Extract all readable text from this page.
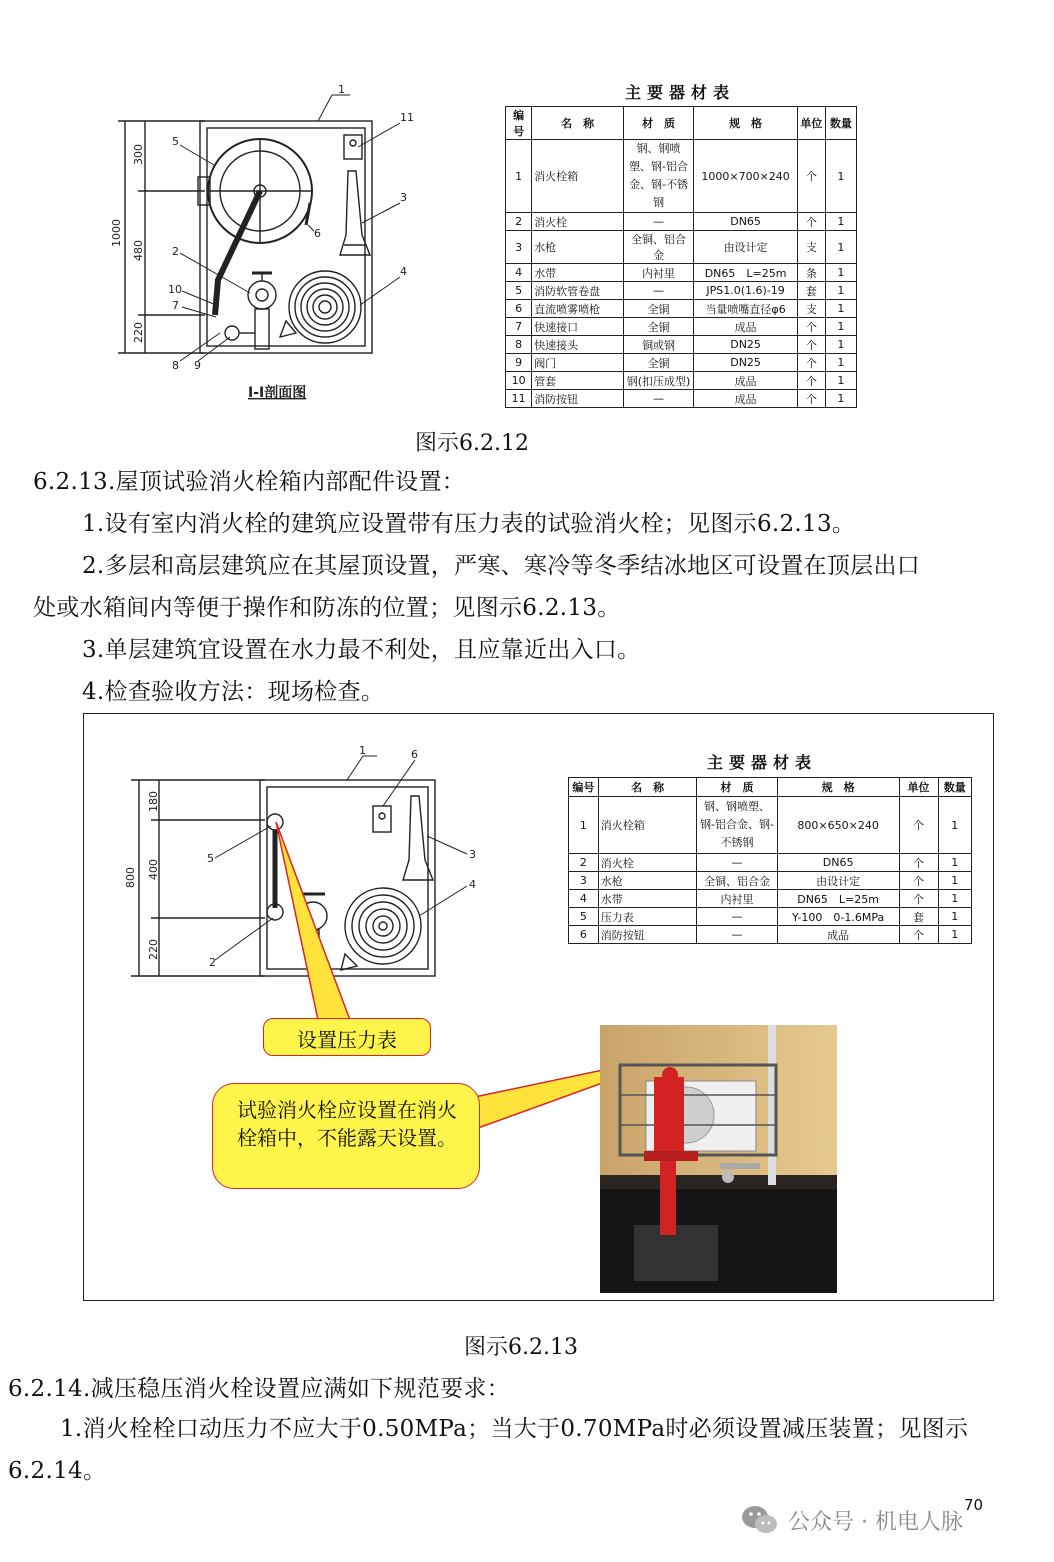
1000
300
480
220
1
2
3
4
5
6
7
8 9
10
11
I-I剖面图
主要器材表
编号	名　称	材　质	规　格	单位	数量
1	消火栓箱	钢、钢喷塑、钢-铝合金、钢-不锈钢	1000×700×240	个	1
2	消火栓	—	DN65	个	1
3	水枪	全铜、铝合金	由设计定	支	1
4	水带	内衬里	DN65　L=25m	条	1
5	消防软管卷盘	—	JPS1.0(1.6)-19	套	1
6	直流喷雾喷枪	全铜	当量喷嘴直径φ6	支	1
7	快速接口	全铜	成品	个	1
8	快速接头	铜或钢	DN25	个	1
9	阀门	全铜	DN25	个	1
10	管套	钢(扣压成型)	成品	个	1
11	消防按钮	—	成品	个	1
图示6.2.12
6.2.13.屋顶试验消火栓箱内部配件设置：
1.设有室内消火栓的建筑应设置带有压力表的试验消火栓；见图示6.2.13。
2.多层和高层建筑应在其屋顶设置，严寒、寒冷等冬季结冰地区可设置在顶层出口
处或水箱间内等便于操作和防冻的位置；见图示6.2.13。
3.单层建筑宜设置在水力最不利处，且应靠近出入口。
4.检查验收方法：现场检查。
800
180
400
220
1
2
3
4
5
6	主要器材表
编号	名　称	材　质	规　格	单位	数量
1	消火栓箱	钢、钢喷塑、钢-铝合金、钢-不锈钢	800×650×240	个	1
2	消火栓	—	DN65	个	1
3	水枪	全铜、铝合金	由设计定	个	1
4	水带	内衬里	DN65　L=25m	个	1
5	压力表	—	Y-100　0-1.6MPa	套	1
6	消防按钮	—	成品	个	1
设置压力表
试验消火栓应设置在消火栓箱中，不能露天设置。
图示6.2.13
6.2.14.减压稳压消火栓设置应满如下规范要求：
1.消火栓栓口动压力不应大于0.50MPa；当大于0.70MPa时必须设置减压装置；见图示
6.2.14。
70
公众号 · 机电人脉
